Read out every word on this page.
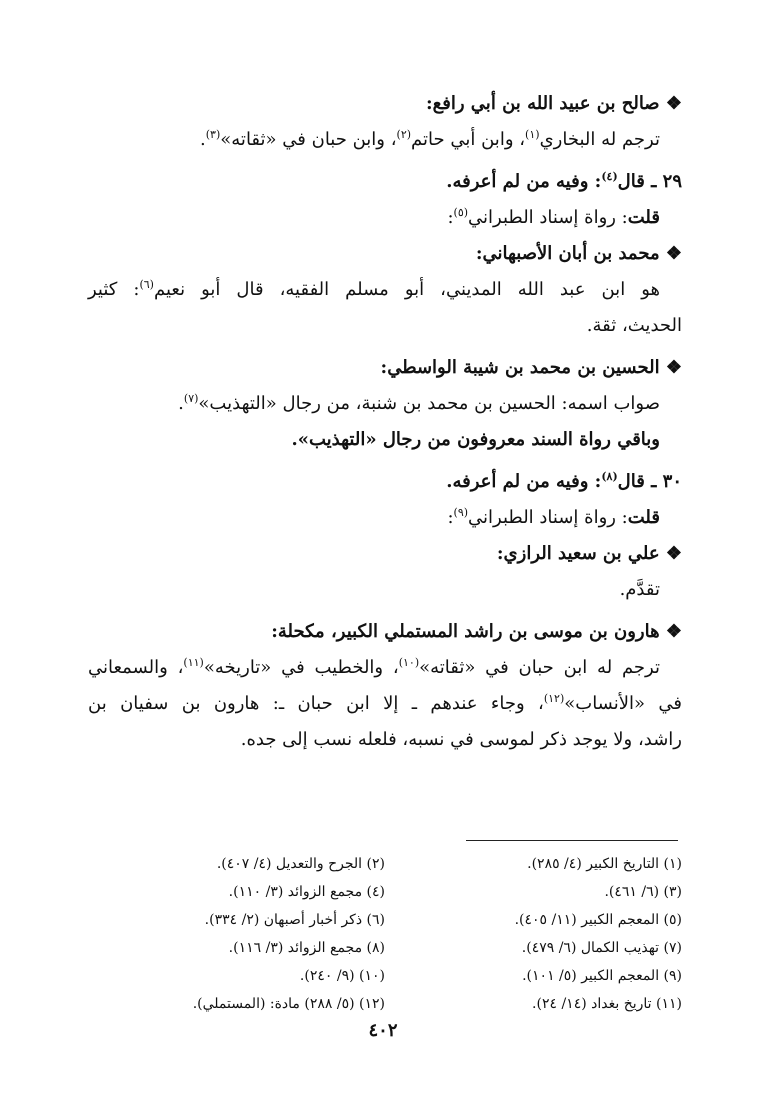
❖ صالح بن عبيد الله بن أبي رافع:
ترجم له البخاري$^{(١)}$، وابن أبي حاتم$^{(٢)}$، وابن حبان في «ثقاته»$^{(٣)}$.
٢٩ ـ قال$^{(٤)}$: وفيه من لم أعرفه.
قلت: رواة إسناد الطبراني$^{(٥)}$:
❖ محمد بن أبان الأصبهاني:
هو ابن عبد الله المديني، أبو مسلم الفقيه، قال أبو نعيم$^{(٦)}$: كثير
الحديث، ثقة.
❖ الحسين بن محمد بن شيبة الواسطي:
صواب اسمه: الحسين بن محمد بن شنبة، من رجال «التهذيب»$^{(٧)}$.
وباقي رواة السند معروفون من رجال «التهذيب».
٣٠ ـ قال$^{(٨)}$: وفيه من لم أعرفه.
قلت: رواة إسناد الطبراني$^{(٩)}$:
❖ علي بن سعيد الرازي:
تقدَّم.
❖ هارون بن موسى بن راشد المستملي الكبير، مكحلة:
ترجم له ابن حبان في «ثقاته»$^{(١٠)}$، والخطيب في «تاريخه»$^{(١١)}$، والسمعاني
في «الأنساب»$^{(١٢)}$، وجاء عندهم ـ إلا ابن حبان ـ: هارون بن سفيان بن
راشد، ولا يوجد ذكر لموسى في نسبه، فلعله نسب إلى جده.
(١) التاريخ الكبير (٤/ ٢٨٥).
(٣) (٦/ ٤٦١).
(٥) المعجم الكبير (١١/ ٤٠٥).
(٧) تهذيب الكمال (٦/ ٤٧٩).
(٩) المعجم الكبير (٥/ ١٠١).
(١١) تاريخ بغداد (١٤/ ٢٤).
(٢) الجرح والتعديل (٤/ ٤٠٧).
(٤) مجمع الزوائد (٣/ ١١٠).
(٦) ذكر أخبار أصبهان (٢/ ٣٣٤).
(٨) مجمع الزوائد (٣/ ١١٦).
(١٠) (٩/ ٢٤٠).
(١٢) (٥/ ٢٨٨) مادة: (المستملي).
٤٠٢
